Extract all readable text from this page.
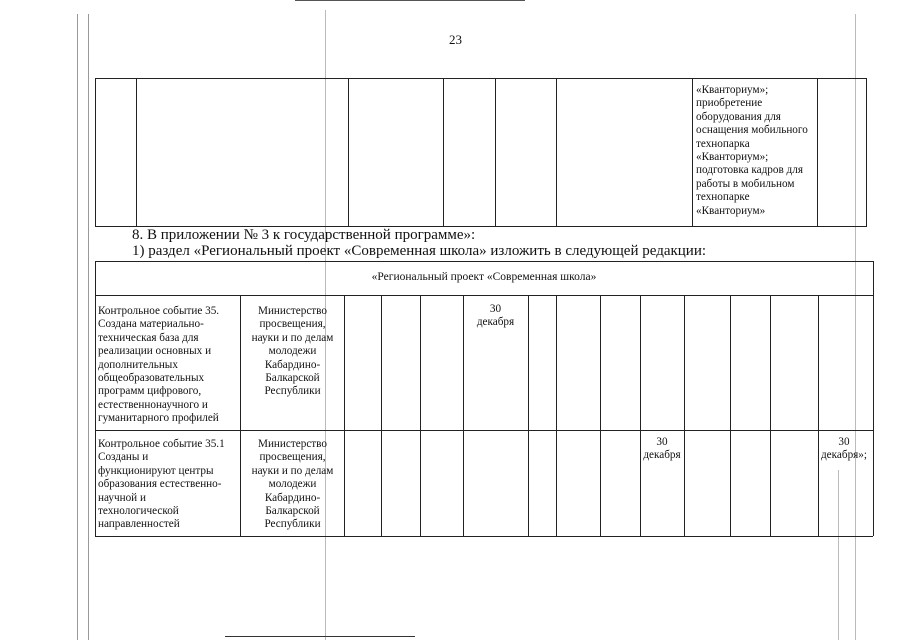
23
«Кванториум»;
приобретение
оборудования для
оснащения мобильного
технопарка
«Кванториум»;
подготовка кадров для
работы в мобильном
технопарке
«Кванториум»
8. В приложении № 3 к государственной программе»:
1) раздел «Региональный проект «Современная школа» изложить в следующей редакции:
«Региональный проект «Современная школа»
Контрольное событие 35.
Создана материально-
техническая база для
реализации основных и
дополнительных
общеобразовательных
программ цифрового,
естественнонаучного и
гуманитарного профилей
Министерство
просвещения,
науки и по делам
молодежи
Кабардино-
Балкарской
Республики
30
декабря
Контрольное событие 35.1
Созданы и
функционируют центры
образования естественно-
научной и
технологической
направленностей
Министерство
просвещения,
науки и по делам
молодежи
Кабардино-
Балкарской
Республики
30
декабря
30
декабря»;
